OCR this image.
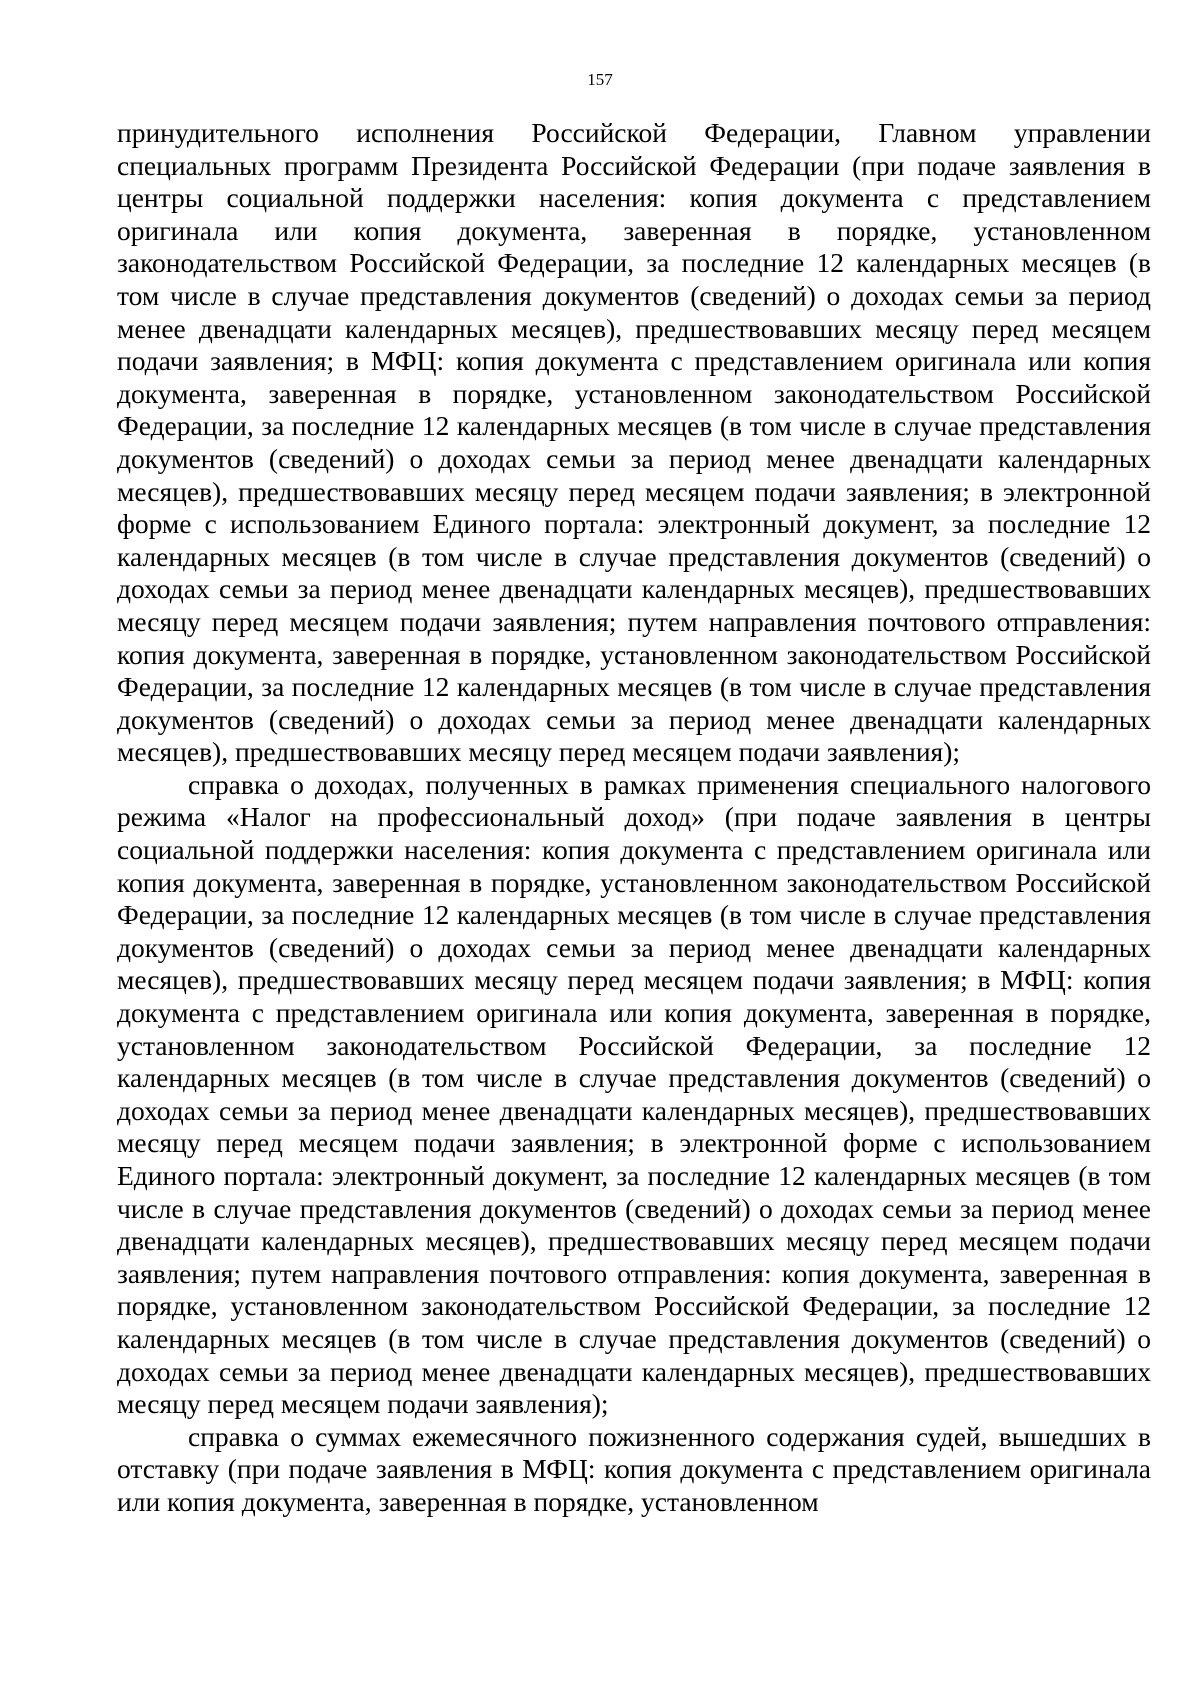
157

принудительного исполнения Российской Федерации, Главном управлении специальных программ Президента Российской Федерации (при подаче заявления в центры социальной поддержки населения: копия документа с представлением оригинала или копия документа, заверенная в порядке, установленном законодательством Российской Федерации, за последние 12 календарных месяцев (в том числе в случае представления документов (сведений) о доходах семьи за период менее двенадцати календарных месяцев), предшествовавших месяцу перед месяцем подачи заявления; в МФЦ: копия документа с представлением оригинала или копия документа, заверенная в порядке, установленном законодательством Российской Федерации, за последние 12 календарных месяцев (в том числе в случае представления документов (сведений) о доходах семьи за период менее двенадцати календарных месяцев), предшествовавших месяцу перед месяцем подачи заявления; в электронной форме с использованием Единого портала: электронный документ, за последние 12 календарных месяцев (в том числе в случае представления документов (сведений) о доходах семьи за период менее двенадцати календарных месяцев), предшествовавших месяцу перед месяцем подачи заявления; путем направления почтового отправления: копия документа, заверенная в порядке, установленном законодательством Российской Федерации, за последние 12 календарных месяцев (в том числе в случае представления документов (сведений) о доходах семьи за период менее двенадцати календарных месяцев), предшествовавших месяцу перед месяцем подачи заявления);

справка о доходах, полученных в рамках применения специального налогового режима «Налог на профессиональный доход» (при подаче заявления в центры социальной поддержки населения: копия документа с представлением оригинала или копия документа, заверенная в порядке, установленном законодательством Российской Федерации, за последние 12 календарных месяцев (в том числе в случае представления документов (сведений) о доходах семьи за период менее двенадцати календарных месяцев), предшествовавших месяцу перед месяцем подачи заявления; в МФЦ: копия документа с представлением оригинала или копия документа, заверенная в порядке, установленном законодательством Российской Федерации, за последние 12 календарных месяцев (в том числе в случае представления документов (сведений) о доходах семьи за период менее двенадцати календарных месяцев), предшествовавших месяцу перед месяцем подачи заявления; в электронной форме с использованием Единого портала: электронный документ, за последние 12 календарных месяцев (в том числе в случае представления документов (сведений) о доходах семьи за период менее двенадцати календарных месяцев), предшествовавших месяцу перед месяцем подачи заявления; путем направления почтового отправления: копия документа, заверенная в порядке, установленном законодательством Российской Федерации, за последние 12 календарных месяцев (в том числе в случае представления документов (сведений) о доходах семьи за период менее двенадцати календарных месяцев), предшествовавших месяцу перед месяцем подачи заявления);

справка о суммах ежемесячного пожизненного содержания судей, вышедших в отставку (при подаче заявления в МФЦ: копия документа с представлением оригинала или копия документа, заверенная в порядке, установленном
